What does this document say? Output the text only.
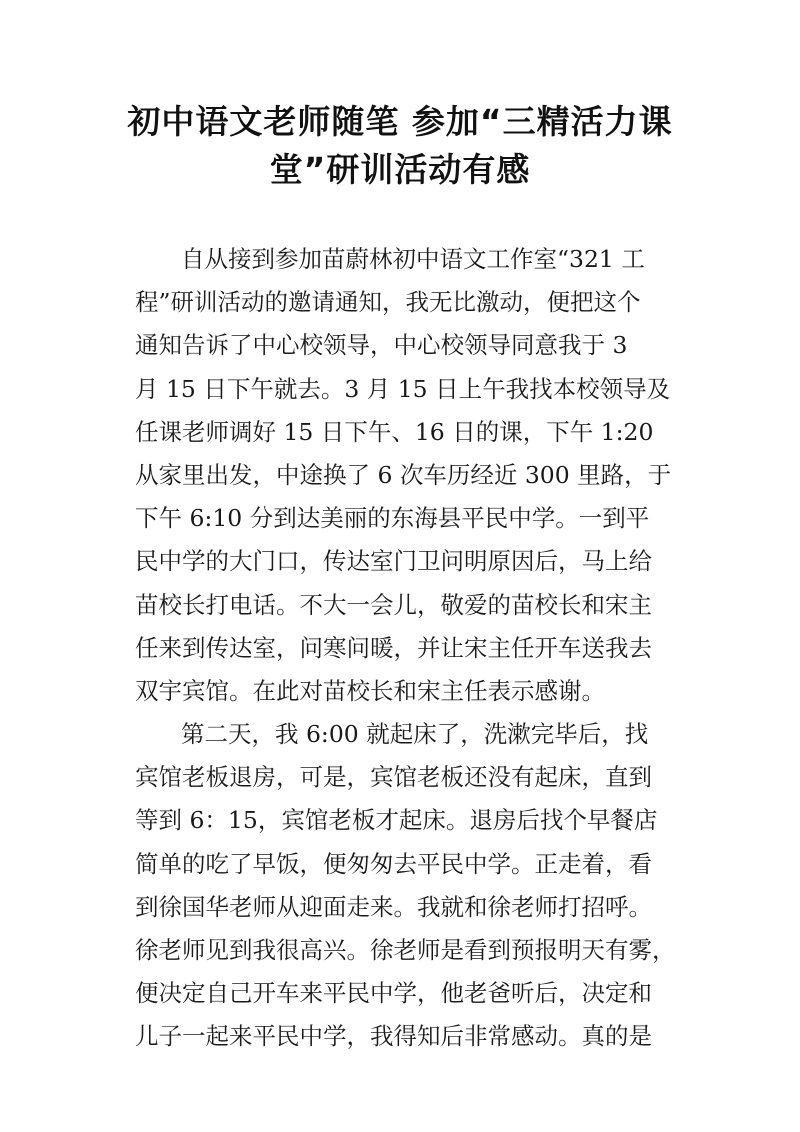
初中语文老师随笔 参加“三精活力课
堂”研训活动有感
自从接到参加苗蔚林初中语文工作室“321 工
程”研训活动的邀请通知，我无比激动，便把这个
通知告诉了中心校领导，中心校领导同意我于 3
月 15 日下午就去。3 月 15 日上午我找本校领导及
任课老师调好 15 日下午、16 日的课，下午 1:20
从家里出发，中途换了 6 次车历经近 300 里路，于
下午 6:10 分到达美丽的东海县平民中学。一到平
民中学的大门口，传达室门卫问明原因后，马上给
苗校长打电话。不大一会儿，敬爱的苗校长和宋主
任来到传达室，问寒问暖，并让宋主任开车送我去
双宇宾馆。在此对苗校长和宋主任表示感谢。
第二天，我 6:00 就起床了，洗漱完毕后，找
宾馆老板退房，可是，宾馆老板还没有起床，直到
等到 6：15，宾馆老板才起床。退房后找个早餐店
简单的吃了早饭，便匆匆去平民中学。正走着，看
到徐国华老师从迎面走来。我就和徐老师打招呼。
徐老师见到我很高兴。徐老师是看到预报明天有雾，
便决定自己开车来平民中学，他老爸听后，决定和
儿子一起来平民中学，我得知后非常感动。真的是
